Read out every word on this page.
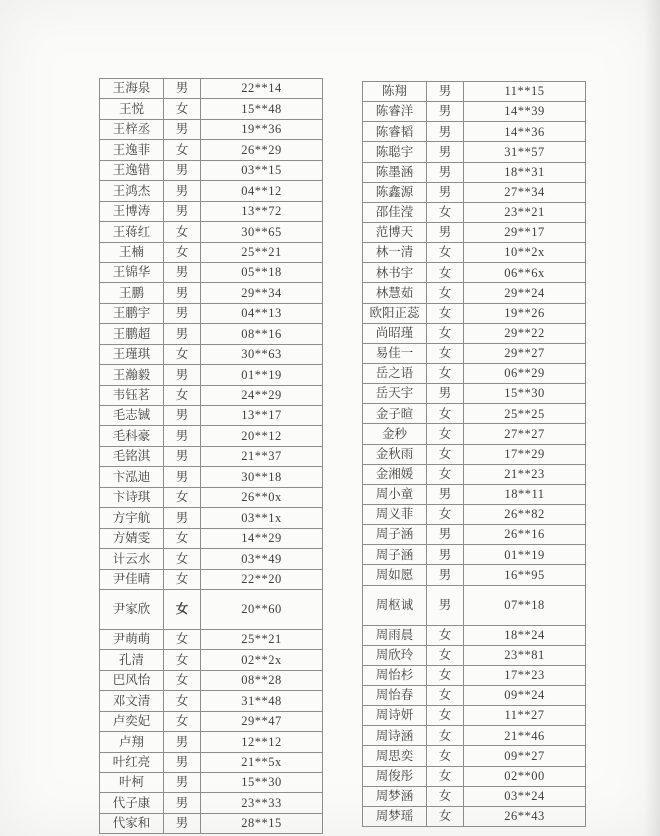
王海泉	男	22**14
王悦	女	15**48
王梓丞	男	19**36
王逸菲	女	26**29
王逸错	男	03**15
王鸿杰	男	04**12
王博涛	男	13**72
王蒋红	女	30**65
王楠	女	25**21
王锦华	男	05**18
王鹏	男	29**34
王鹏宇	男	04**13
王鹏超	男	08**16
王瑾琪	女	30**63
王瀚毅	男	01**19
韦钰茗	女	24**29
毛志铖	男	13**17
毛科豪	男	20**12
毛铭淇	男	21**37
卞泓迪	男	30**18
卞诗琪	女	26**0x
方宇航	男	03**1x
方婧雯	女	14**29
计云水	女	03**49
尹佳晴	女	22**20
尹家欣	女	20**60
尹萌萌	女	25**21
孔清	女	02**2x
巴风怡	女	08**28
邓文清	女	31**48
卢奕妃	女	29**47
卢翔	男	12**12
叶红亮	男	21**5x
叶柯	男	15**30
代子康	男	23**33
代家和	男	28**15
陈翔	男	11**15
陈睿洋	男	14**39
陈睿韬	男	14**36
陈聪宇	男	31**57
陈墨涵	男	18**31
陈鑫源	男	27**34
邵佳滢	女	23**21
范博天	男	29**17
林一清	女	10**2x
林书宇	女	06**6x
林慧茹	女	29**24
欧阳正蕊	女	19**26
尚昭瑾	女	29**22
易佳一	女	29**27
岳之语	女	06**29
岳天宇	男	15**30
金子暄	女	25**25
金秒	女	27**27
金秋雨	女	17**29
金湘媛	女	21**23
周小童	男	18**11
周义菲	女	26**82
周子涵	男	26**16
周子涵	男	01**19
周如愿	男	16**95
周枢诚	男	07**18
周雨晨	女	18**24
周欣玲	女	23**81
周怡杉	女	17**23
周怡春	女	09**24
周诗妍	女	11**27
周诗涵	女	21**46
周思奕	女	09**27
周俊彤	女	02**00
周梦涵	女	03**24
周梦瑶	女	26**43
